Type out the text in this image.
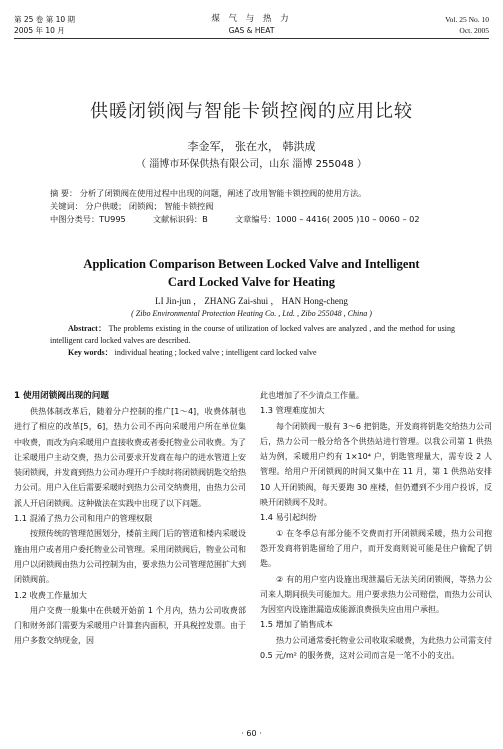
第 25 卷 第 10 期
2005 年 10 月
煤 气 与 热 力
GAS & HEAT
Vol. 25 No. 10
Oct. 2005
供暖闭锁阀与智能卡锁控阀的应用比较
李金军， 张在水， 韩洪成
（ 淄博市环保供热有限公司，山东 淄博 255048 ）
摘 要： 分析了闭锁阀在使用过程中出现的问题，阐述了改用智能卡锁控阀的使用方法。
关键词： 分户供暖； 闭锁阀； 智能卡锁控阀
中图分类号：TU995	文献标识码：B	文章编号：1000 – 4416( 2005 )10 – 0060 – 02
Application Comparison Between Locked Valve and Intelligent
Card Locked Valve for Heating
LI Jin-jun ， ZHANG Zai-shui ， HAN Hong-cheng
( Zibo Environmental Protection Heating Co. , Ltd. , Zibo 255048 , China )
Abstract： The problems existing in the course of utilization of locked valves are analyzed , and the method for using intelligent card locked valves are described.
Key words： individual heating ; locked valve ; intelligent card locked valve
1 使用闭锁阀出现的问题

供热体制改革后，随着分户控制的推广[1～4]，收费体制也进行了相应的改革[5，6]，热力公司不再向采暖用户所在单位集中收费，而改为向采暖用户直接收费或者委托物业公司收费。为了让采暖用户主动交费，热力公司要求开发商在每户的进水管道上安装闭锁阀，并发商到热力公司办理开户手续时将闭锁阀钥匙交给热力公司。用户入住后需要采暖时到热力公司交纳费用，由热力公司派人开启闭锁阀。这种做法在实践中出现了以下问题。

1.1 混淆了热力公司和用户的管理权限

按照传统的管理范围划分，楼前主阀门后的管道和楼内采暖设施由用户或者用户委托物业公司管理。采用闭锁阀后，物业公司和用户以闭锁阀由热力公司控制为由，要求热力公司管理范围扩大到闭锁阀前。

1.2 收费工作量加大

用户交费一般集中在供暖开始前 1 个月内，热力公司收费部门和财务部门需要为采暖用户计算套内面积，开具税控发票。由于用户多数交纳现金，因

此也增加了不少清点工作量。

1.3 管理难度加大

每个闭锁阀一般有 3～6 把钥匙，开发商将钥匙交给热力公司后，热力公司一般分给各个供热站进行管理。以我公司第 1 供热站为例，采暖用户约有 1×10⁴ 户，钥匙管理量大，需专设 2 人管理。给用户开闭锁阀的时间又集中在 11 月，第 1 供热站安排 10 人开闭锁阀，每天要跑 30 座楼，但仍遭到不少用户投诉，反映开闭锁阀不及时。

1.4 易引起纠纷

① 在冬季总有部分能不交费而打开闭锁阀采暖，热力公司抱怨开发商将钥匙留给了用户，而开发商则说可能是住户偷配了钥匙。

② 有的用户室内设施出现泄漏后无法关闭闭锁阀，等热力公司来人期间损失可能加大。用户要求热力公司赔偿，而热力公司认为因室内设施泄漏造成能源浪费损失应由用户承担。

1.5 增加了销售成本

热力公司通常委托物业公司收取采暖费，为此热力公司需支付 0.5 元/m² 的服务费，这对公司而言是一笔不小的支出。

· 60 ·
